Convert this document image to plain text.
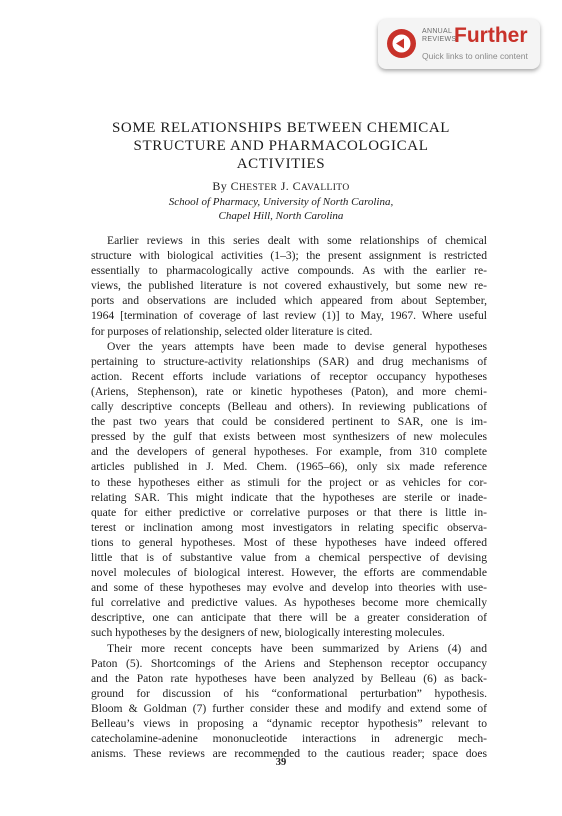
ANNUAL
REVIEWS
Further
Quick links to online content
SOME RELATIONSHIPS BETWEEN CHEMICAL
STRUCTURE AND PHARMACOLOGICAL
ACTIVITIES
By CHESTER J. CAVALLITO
School of Pharmacy, University of North Carolina,
Chapel Hill, North Carolina
Earlier reviews in this series dealt with some relationships of chemical
structure with biological activities (1–3); the present assignment is restricted
essentially to pharmacologically active compounds. As with the earlier re-
views, the published literature is not covered exhaustively, but some new re-
ports and observations are included which appeared from about September,
1964 [termination of coverage of last review (1)] to May, 1967. Where useful
for purposes of relationship, selected older literature is cited.
Over the years attempts have been made to devise general hypotheses
pertaining to structure-activity relationships (SAR) and drug mechanisms of
action. Recent efforts include variations of receptor occupancy hypotheses
(Ariens, Stephenson), rate or kinetic hypotheses (Paton), and more chemi-
cally descriptive concepts (Belleau and others). In reviewing publications of
the past two years that could be considered pertinent to SAR, one is im-
pressed by the gulf that exists between most synthesizers of new molecules
and the developers of general hypotheses. For example, from 310 complete
articles published in J. Med. Chem. (1965–66), only six made reference
to these hypotheses either as stimuli for the project or as vehicles for cor-
relating SAR. This might indicate that the hypotheses are sterile or inade-
quate for either predictive or correlative purposes or that there is little in-
terest or inclination among most investigators in relating specific observa-
tions to general hypotheses. Most of these hypotheses have indeed offered
little that is of substantive value from a chemical perspective of devising
novel molecules of biological interest. However, the efforts are commendable
and some of these hypotheses may evolve and develop into theories with use-
ful correlative and predictive values. As hypotheses become more chemically
descriptive, one can anticipate that there will be a greater consideration of
such hypotheses by the designers of new, biologically interesting molecules.
Their more recent concepts have been summarized by Ariens (4) and
Paton (5). Shortcomings of the Ariens and Stephenson receptor occupancy
and the Paton rate hypotheses have been analyzed by Belleau (6) as back-
ground for discussion of his “conformational perturbation” hypothesis.
Bloom & Goldman (7) further consider these and modify and extend some of
Belleau’s views in proposing a “dynamic receptor hypothesis” relevant to
catecholamine-adenine mononucleotide interactions in adrenergic mech-
anisms. These reviews are recommended to the cautious reader; space does
39
